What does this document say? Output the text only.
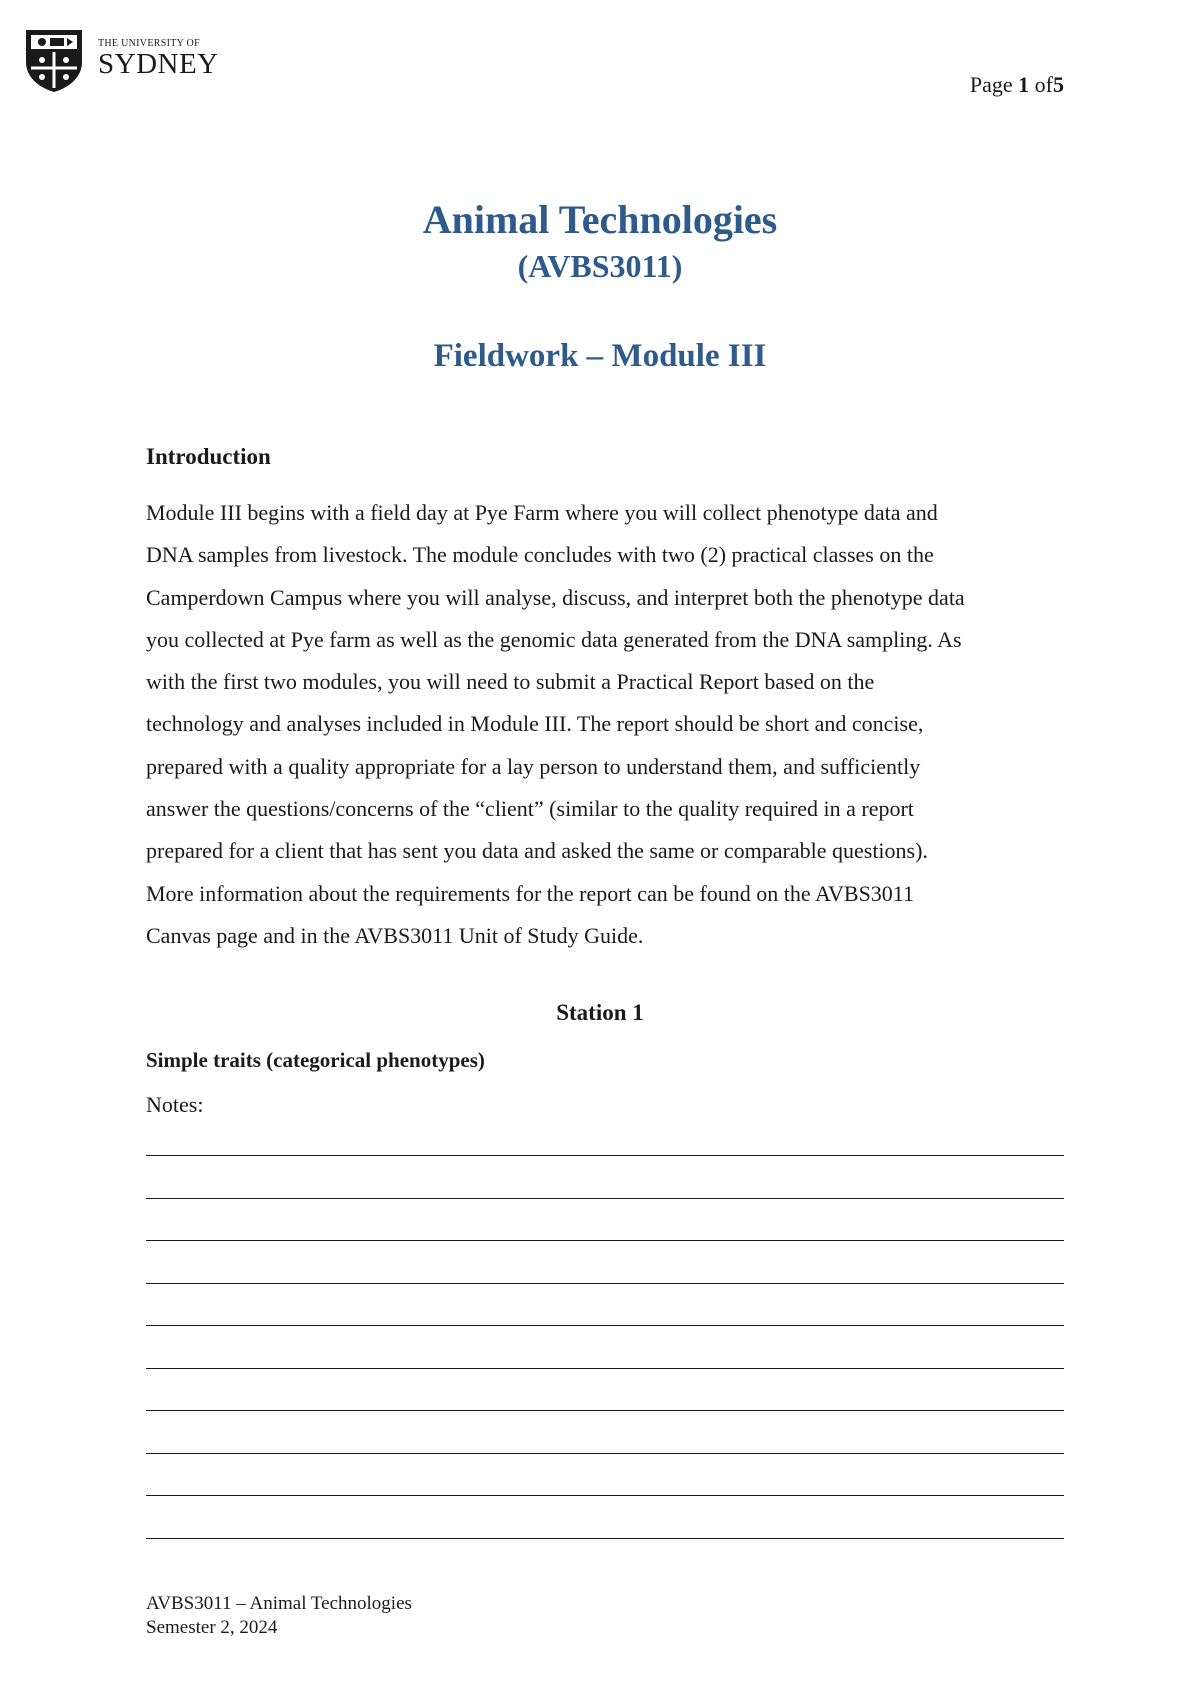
THE UNIVERSITY OF
SYDNEY
Page 1 of5
Animal Technologies
(AVBS3011)
Fieldwork – Module III
Introduction
Module III begins with a field day at Pye Farm where you will collect phenotype data and
DNA samples from livestock. The module concludes with two (2) practical classes on the
Camperdown Campus where you will analyse, discuss, and interpret both the phenotype data
you collected at Pye farm as well as the genomic data generated from the DNA sampling. As
with the first two modules, you will need to submit a Practical Report based on the
technology and analyses included in Module III. The report should be short and concise,
prepared with a quality appropriate for a lay person to understand them, and sufficiently
answer the questions/concerns of the “client” (similar to the quality required in a report
prepared for a client that has sent you data and asked the same or comparable questions).
More information about the requirements for the report can be found on the AVBS3011
Canvas page and in the AVBS3011 Unit of Study Guide.
Station 1
Simple traits (categorical phenotypes)
Notes:
AVBS3011 – Animal Technologies
Semester 2, 2024
